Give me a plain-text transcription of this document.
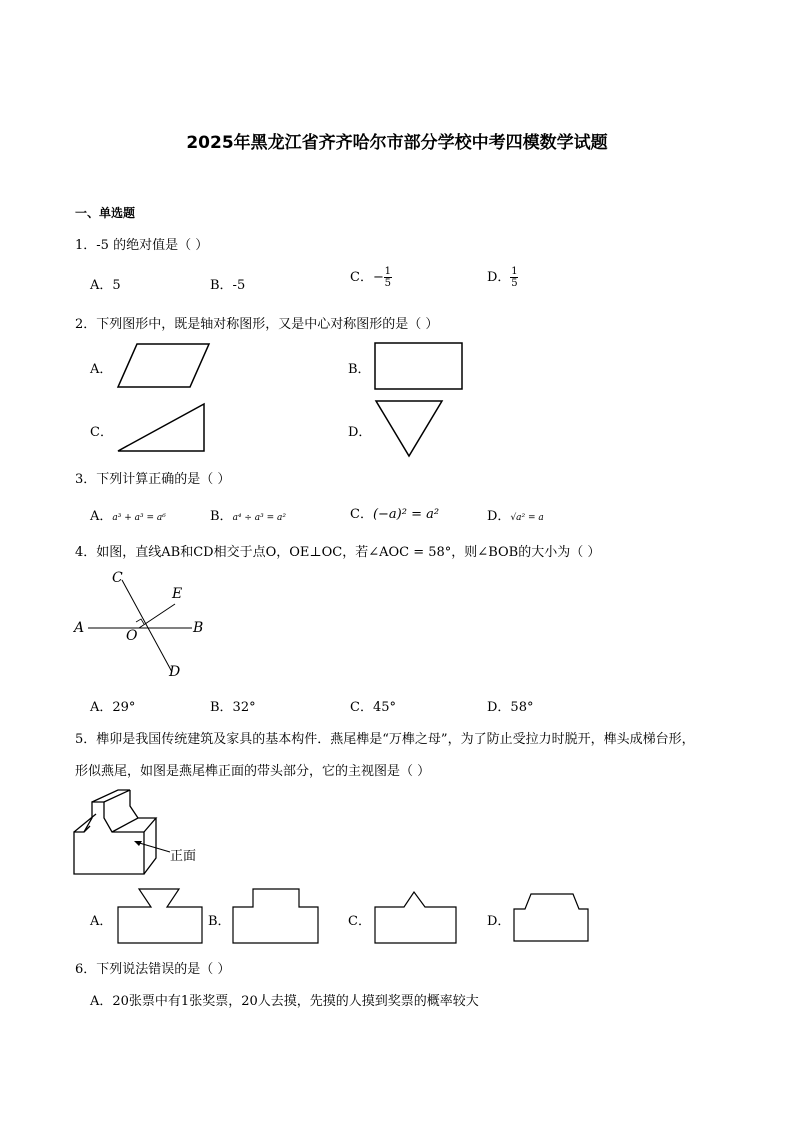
2025年黑龙江省齐齐哈尔市部分学校中考四模数学试题
一、单选题
1．-5 的绝对值是（ ）
A．5	B．-5
C．− $\frac{1}{5}$	D． $\frac{1}{5}$
2．下列图形中，既是轴对称图形，又是中心对称图形的是（ ）
A．	B．
C．	D．
3．下列计算正确的是（ ）
A．a³ + a³ = a⁶	B．a⁴ ÷ a³ = a²	C．(−a)² = a²	D．√a² = a
4．如图，直线AB和CD相交于点O，OE⊥OC，若∠AOC = 58°，则∠BOB的大小为（ ）
C
E
A	O	B
D
A．29°	B．32°	C．45°	D．58°
5．榫卯是我国传统建筑及家具的基本构件．燕尾榫是“万榫之母”，为了防止受拉力时脱开，榫头成梯台形，
形似燕尾，如图是燕尾榫正面的带头部分，它的主视图是（ ）
正面
A．	B．	C．	D．
6．下列说法错误的是（ ）
A．20张票中有1张奖票，20人去摸，先摸的人摸到奖票的概率较大
